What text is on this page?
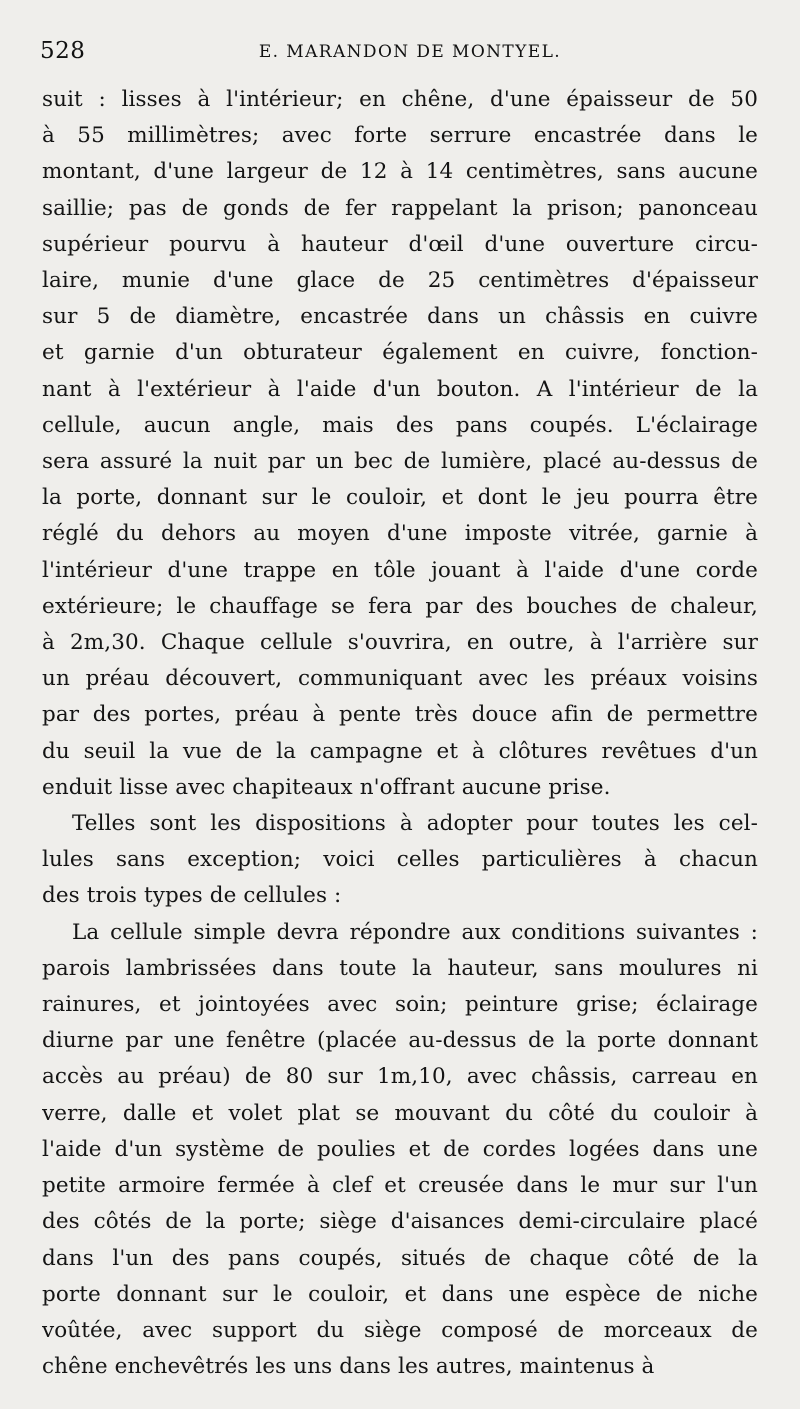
528	E. MARANDON DE MONTYEL.

suit : lisses à l'intérieur; en chêne, d'une épaisseur de 50
à 55 millimètres; avec forte serrure encastrée dans le
montant, d'une largeur de 12 à 14 centimètres, sans aucune
saillie; pas de gonds de fer rappelant la prison; panonceau
supérieur pourvu à hauteur d'œil d'une ouverture circu-
laire, munie d'une glace de 25 centimètres d'épaisseur
sur 5 de diamètre, encastrée dans un châssis en cuivre
et garnie d'un obturateur également en cuivre, fonction-
nant à l'extérieur à l'aide d'un bouton. A l'intérieur de la
cellule, aucun angle, mais des pans coupés. L'éclairage
sera assuré la nuit par un bec de lumière, placé au-dessus de
la porte, donnant sur le couloir, et dont le jeu pourra être
réglé du dehors au moyen d'une imposte vitrée, garnie à
l'intérieur d'une trappe en tôle jouant à l'aide d'une corde
extérieure; le chauffage se fera par des bouches de chaleur,
à 2m,30. Chaque cellule s'ouvrira, en outre, à l'arrière sur
un préau découvert, communiquant avec les préaux voisins
par des portes, préau à pente très douce afin de permettre
du seuil la vue de la campagne et à clôtures revêtues d'un
enduit lisse avec chapiteaux n'offrant aucune prise.

Telles sont les dispositions à adopter pour toutes les cel-
lules sans exception; voici celles particulières à chacun
des trois types de cellules :

La cellule simple devra répondre aux conditions suivantes :
parois lambrissées dans toute la hauteur, sans moulures ni
rainures, et jointoyées avec soin; peinture grise; éclairage
diurne par une fenêtre (placée au-dessus de la porte donnant
accès au préau) de 80 sur 1m,10, avec châssis, carreau en
verre, dalle et volet plat se mouvant du côté du couloir à
l'aide d'un système de poulies et de cordes logées dans une
petite armoire fermée à clef et creusée dans le mur sur l'un
des côtés de la porte; siège d'aisances demi-circulaire placé
dans l'un des pans coupés, situés de chaque côté de la
porte donnant sur le couloir, et dans une espèce de niche
voûtée, avec support du siège composé de morceaux de
chêne enchevêtrés les uns dans les autres, maintenus à
